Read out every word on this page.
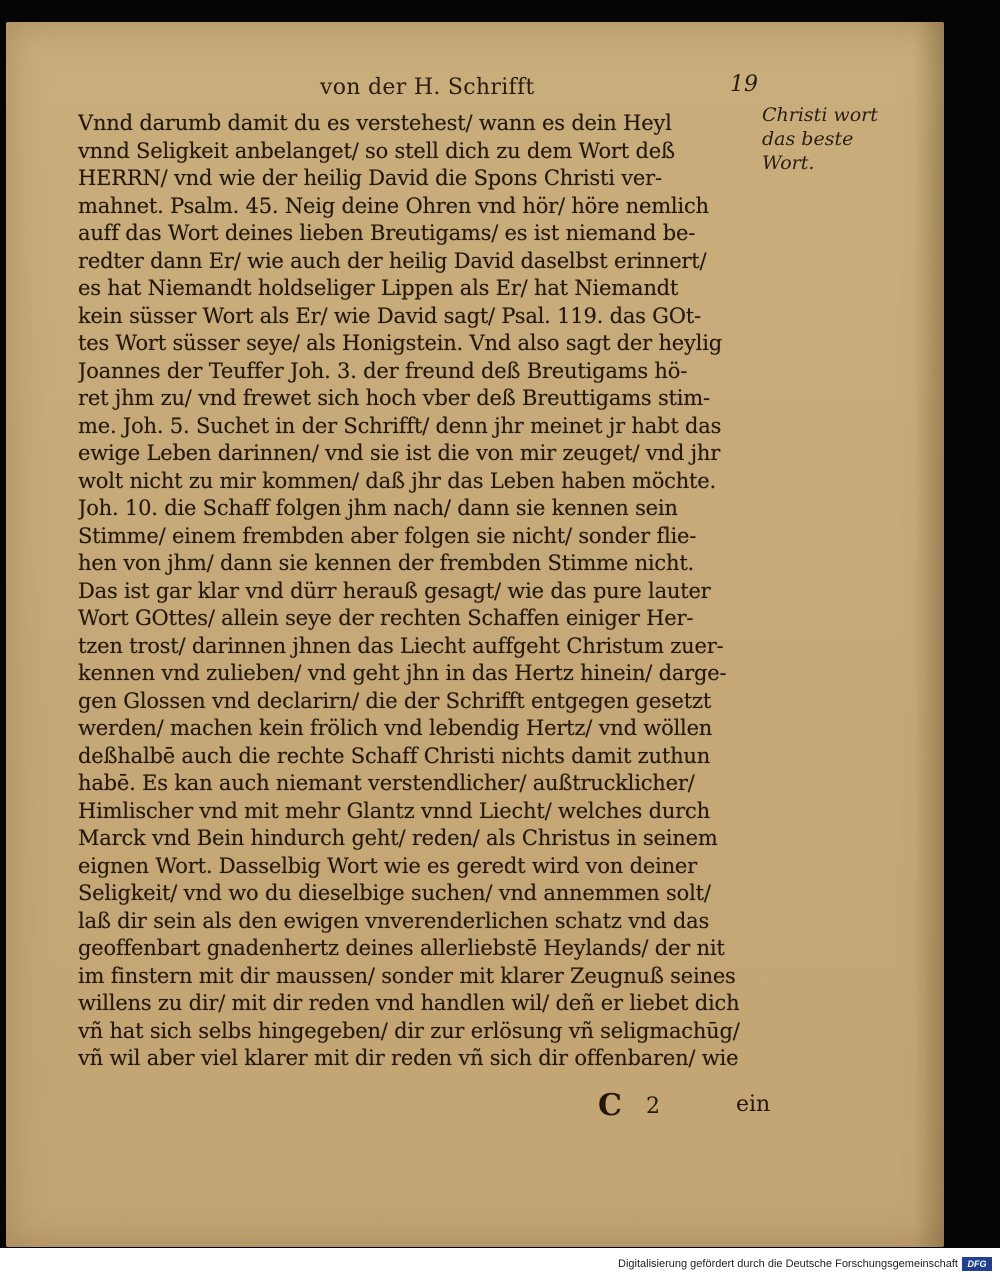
von der H. Schrifft	19
Christi wort
das beste
Wort.
Vnnd darumb damit du es verstehest/ wann es dein Heyl
vnnd Seligkeit anbelanget/ so stell dich zu dem Wort deß
HERRN/ vnd wie der heilig David die Spons Christi ver-
mahnet. Psalm. 45. Neig deine Ohren vnd hör/ höre nemlich
auff das Wort deines lieben Breutigams/ es ist niemand be-
redter dann Er/ wie auch der heilig David daselbst erinnert/
es hat Niemandt holdseliger Lippen als Er/ hat Niemandt
kein süsser Wort als Er/ wie David sagt/ Psal. 119. das GOt-
tes Wort süsser seye/ als Honigstein. Vnd also sagt der heylig
Joannes der Teuffer Joh. 3. der freund deß Breutigams hö-
ret jhm zu/ vnd frewet sich hoch vber deß Breuttigams stim-
me. Joh. 5. Suchet in der Schrifft/ denn jhr meinet jr habt das
ewige Leben darinnen/ vnd sie ist die von mir zeuget/ vnd jhr
wolt nicht zu mir kommen/ daß jhr das Leben haben möchte.
Joh. 10. die Schaff folgen jhm nach/ dann sie kennen sein
Stimme/ einem frembden aber folgen sie nicht/ sonder flie-
hen von jhm/ dann sie kennen der frembden Stimme nicht.
Das ist gar klar vnd dürr herauß gesagt/ wie das pure lauter
Wort GOttes/ allein seye der rechten Schaffen einiger Her-
tzen trost/ darinnen jhnen das Liecht auffgeht Christum zuer-
kennen vnd zulieben/ vnd geht jhn in das Hertz hinein/ darge-
gen Glossen vnd declarirn/ die der Schrifft entgegen gesetzt
werden/ machen kein frölich vnd lebendig Hertz/ vnd wöllen
deßhalbē auch die rechte Schaff Christi nichts damit zuthun
habē. Es kan auch niemant verstendlicher/ außtrucklicher/
Himlischer vnd mit mehr Glantz vnnd Liecht/ welches durch
Marck vnd Bein hindurch geht/ reden/ als Christus in seinem
eignen Wort. Dasselbig Wort wie es geredt wird von deiner
Seligkeit/ vnd wo du dieselbige suchen/ vnd annemmen solt/
laß dir sein als den ewigen vnverenderlichen schatz vnd das
geoffenbart gnadenhertz deines allerliebstē Heylands/ der nit
im finstern mit dir maussen/ sonder mit klarer Zeugnuß seines
willens zu dir/ mit dir reden vnd handlen wil/ deñ er liebet dich
vñ hat sich selbs hingegeben/ dir zur erlösung vñ seligmachūg/
vñ wil aber viel klarer mit dir reden vñ sich dir offenbaren/ wie
C 2	ein
Digitalisierung gefördert durch die Deutsche Forschungsgemeinschaft	DFG
